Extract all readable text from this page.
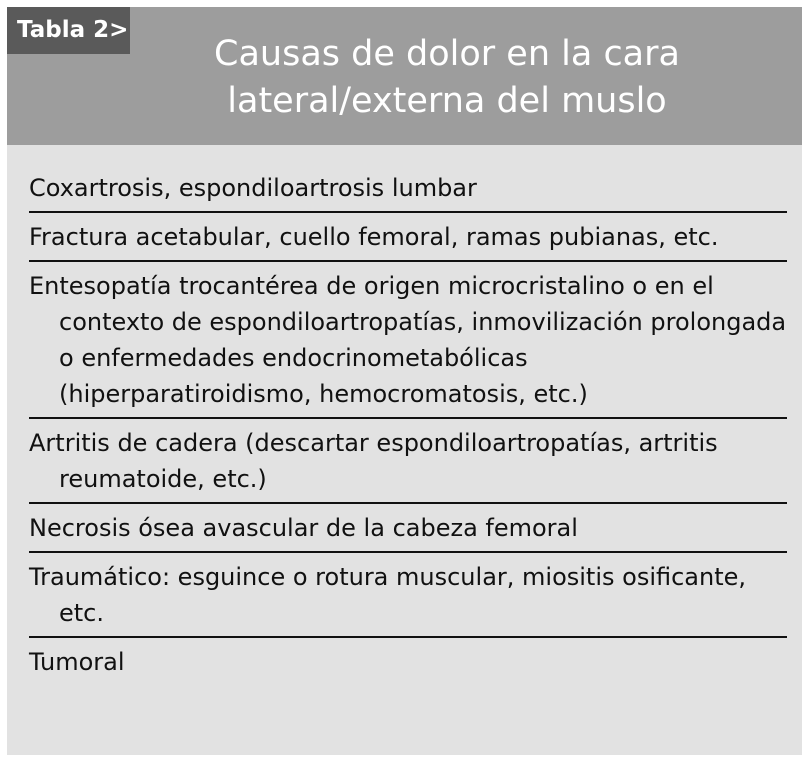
Tabla 2>
Causas de dolor en la cara
lateral/externa del muslo
Coxartrosis, espondiloartrosis lumbar
Fractura acetabular, cuello femoral, ramas pubianas, etc.
Entesopatía trocantérea de origen microcristalino o en el contexto de espondiloartropatías, inmovilización prolongada o enfermedades endocrinometabólicas (hiperparatiroidismo, hemocromatosis, etc.)
Artritis de cadera (descartar espondiloartropatías, artritis reumatoide, etc.)
Necrosis ósea avascular de la cabeza femoral
Traumático: esguince o rotura muscular, miositis osificante, etc.
Tumoral
